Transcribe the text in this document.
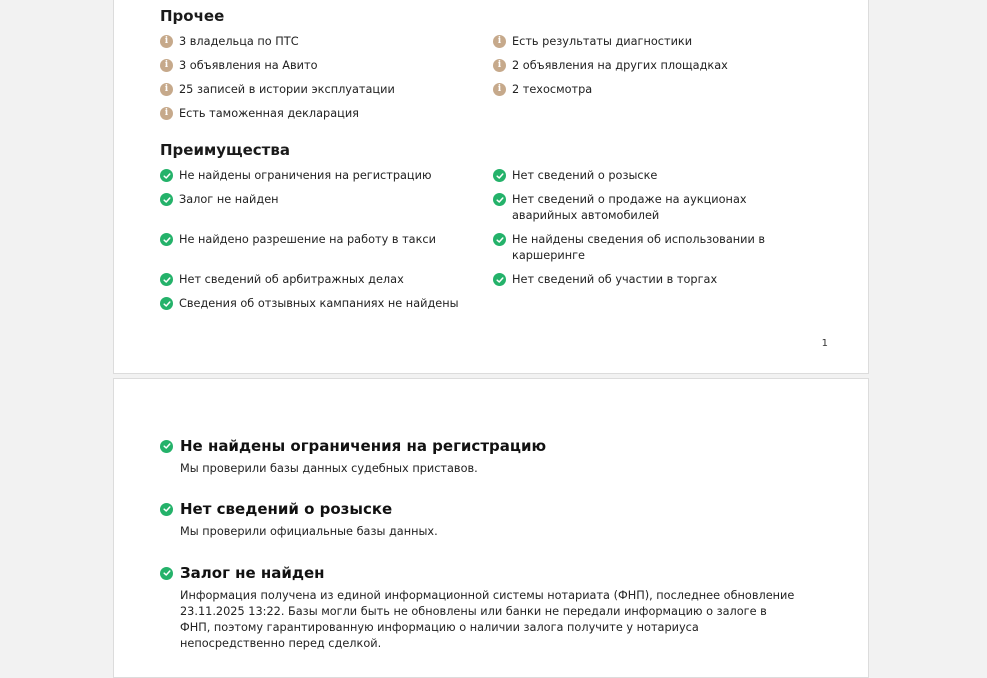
Прочее
i 3 владельца по ПТС	i Есть результаты диагностики
i 3 объявления на Авито	i 2 объявления на других площадках
i 25 записей в истории эксплуатации	i 2 техосмотра
i Есть таможенная декларация
Преимущества
Не найдены ограничения на регистрацию	Нет сведений о розыске
Залог не найден	Нет сведений о продаже на аукционах аварийных автомобилей
Не найдено разрешение на работу в такси	Не найдены сведения об использовании в каршеринге
Нет сведений об арбитражных делах	Нет сведений об участии в торгах
Сведения об отзывных кампаниях не найдены
1
Не найдены ограничения на регистрацию

Мы проверили базы данных судебных приставов.

Нет сведений о розыске

Мы проверили официальные базы данных.

Залог не найден

Информация получена из единой информационной системы нотариата (ФНП), последнее обновление 23.11.2025 13:22. Базы могли быть не обновлены или банки не передали информацию о залоге в ФНП, поэтому гарантированную информацию о наличии залога получите у нотариуса непосредственно перед сделкой.
